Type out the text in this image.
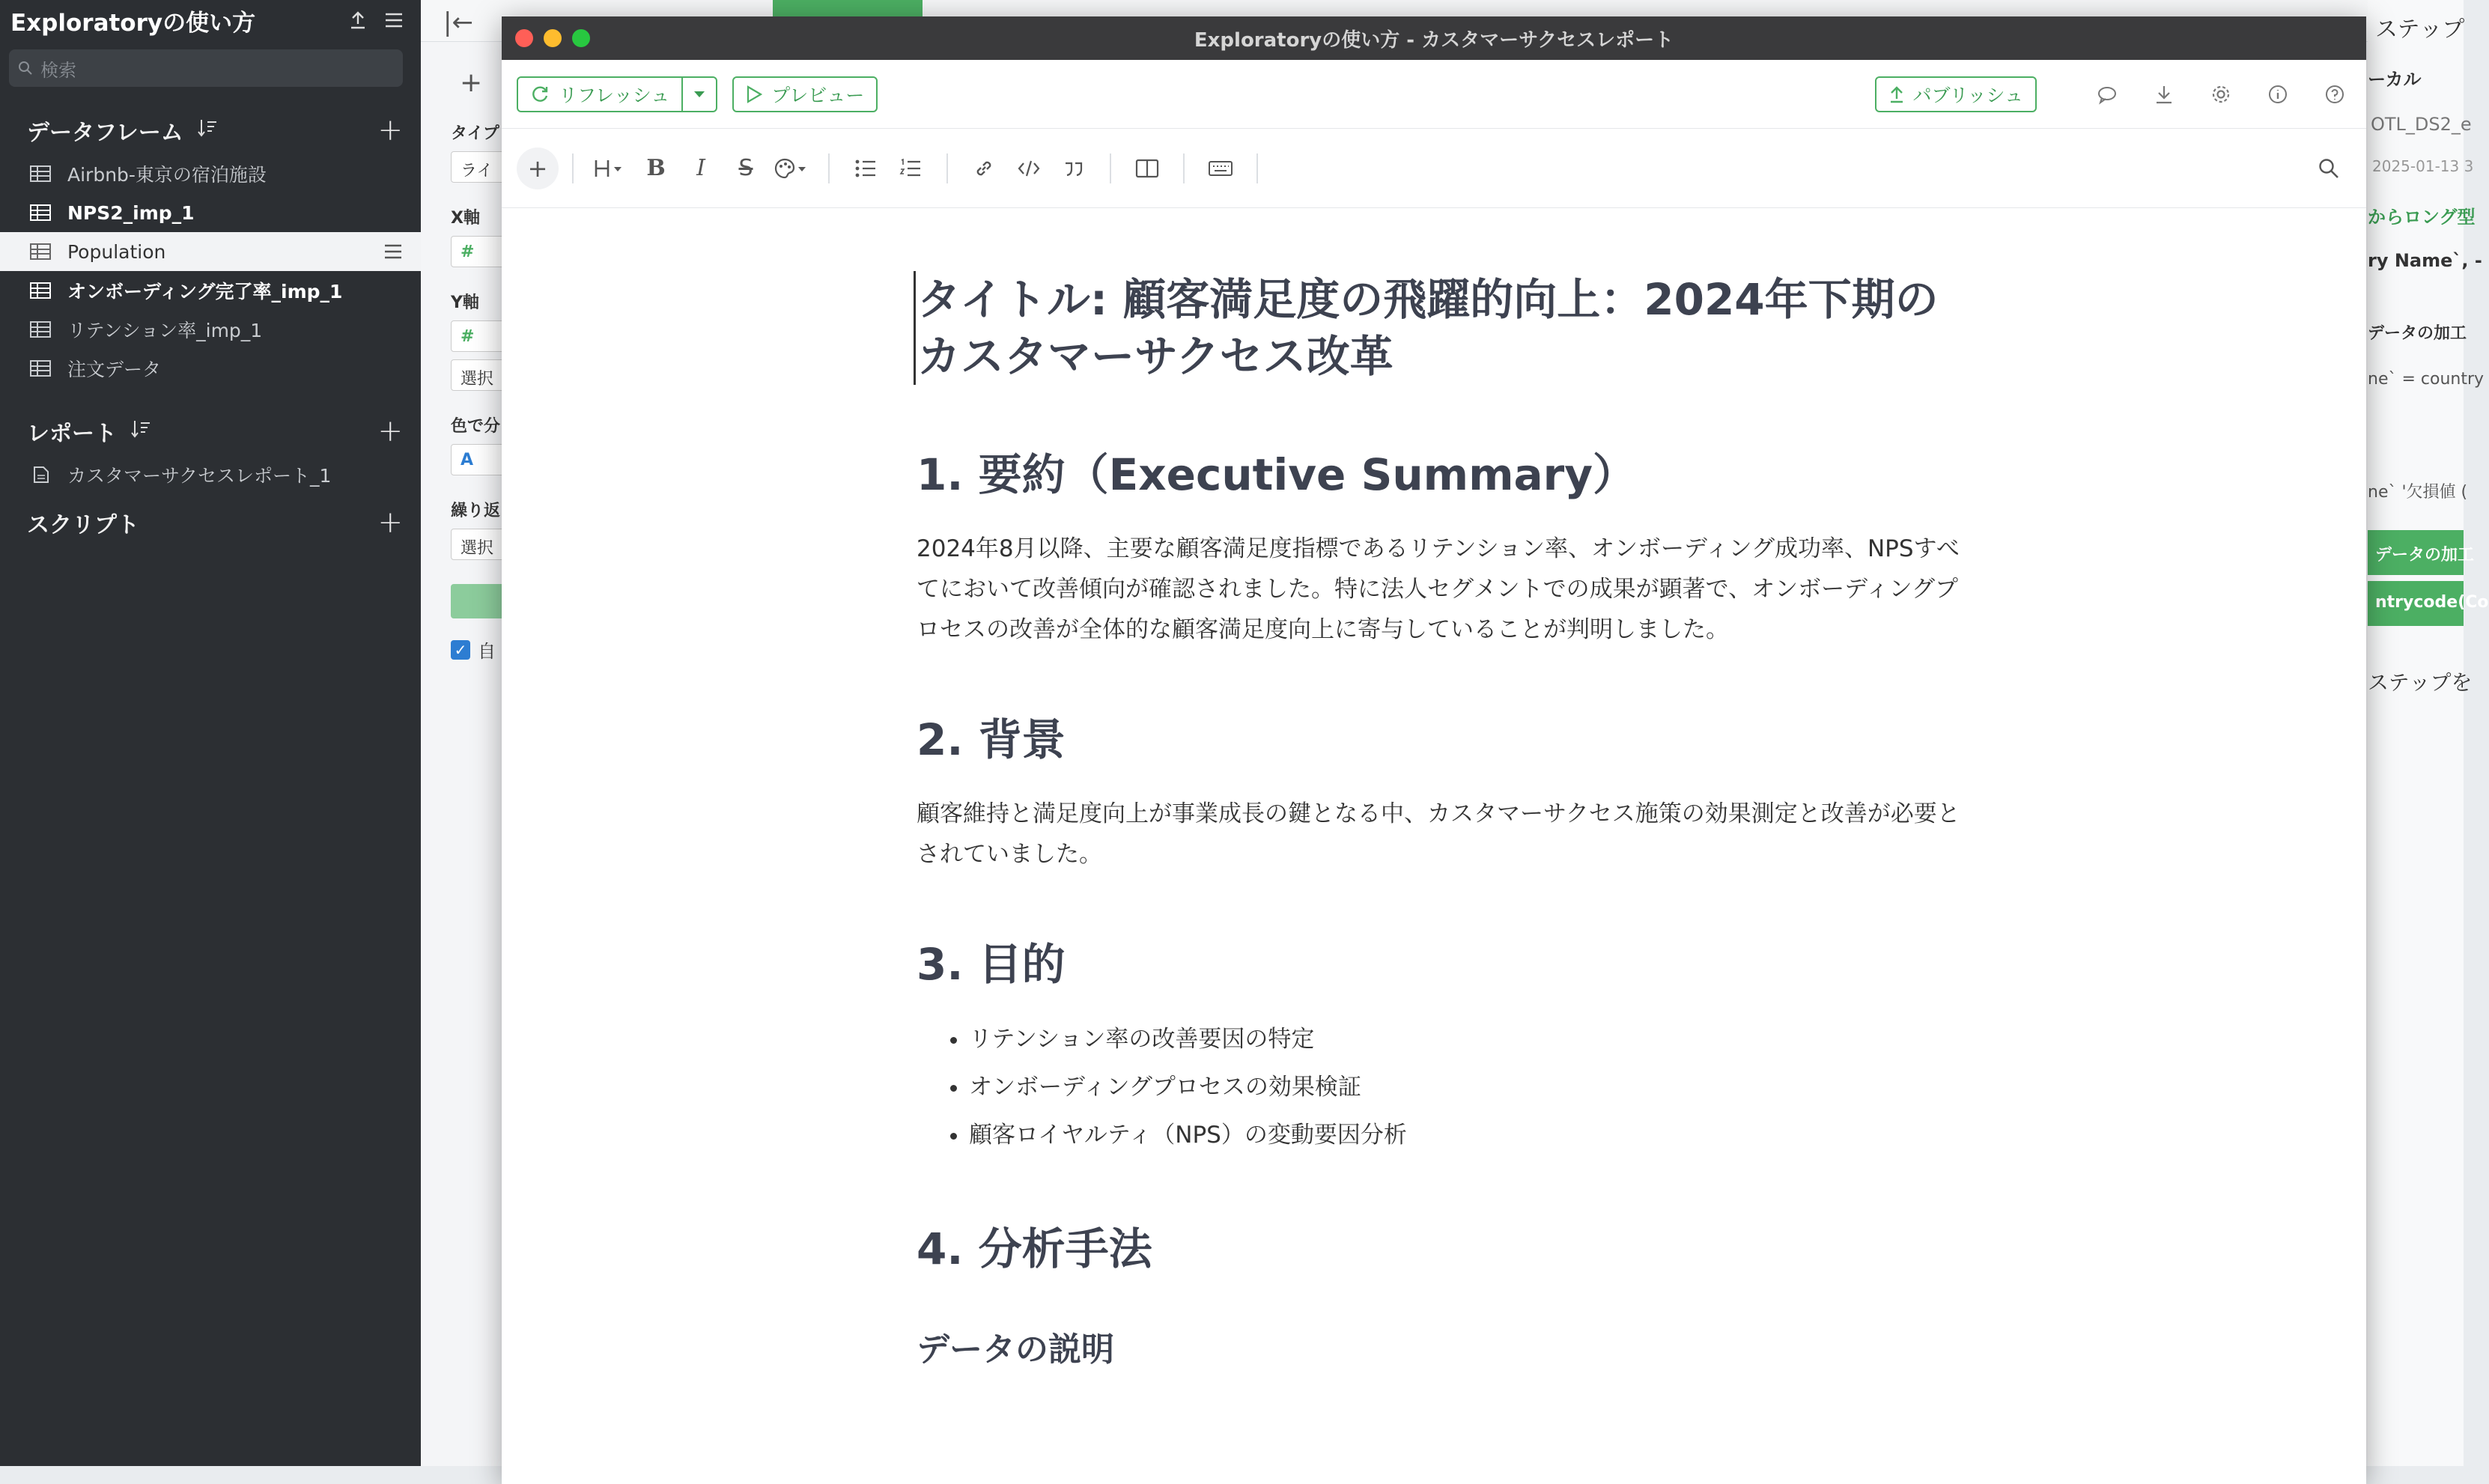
Exploratoryの使い方
検索
データフレーム	+
Airbnb-東京の宿泊施設
NPS2_imp_1
Population
オンボーディング完了率_imp_1
リテンション率_imp_1
注文データ
レポート	+
カスタマーサクセスレポート_1
スクリプト	+
|←
+
タイプ
ライ
X軸
#
Y軸
#
選択
色で分
A
繰り返
選択
✓ 自
ステップ
ーカル
OTL_DS2_e
2025-01-13 3
からロング型
ry Name`, -
データの加工
ne` = country
ne` '欠損値 (
データの加工
ntrycode(Co
ステップを
Exploratoryの使い方 - カスタマーサクセスレポート
リフレッシュ	プレビュー	パブリッシュ
+	B I S
タイトル: 顧客満足度の飛躍的向上：2024年下期のカスタマーサクセス改革
1. 要約（Executive Summary）

2024年8月以降、主要な顧客満足度指標であるリテンション率、オンボーディング成功率、NPSすべてにおいて改善傾向が確認されました。特に法人セグメントでの成果が顕著で、オンボーディングプロセスの改善が全体的な顧客満足度向上に寄与していることが判明しました。

2. 背景

顧客維持と満足度向上が事業成長の鍵となる中、カスタマーサクセス施策の効果測定と改善が必要とされていました。

3. 目的
• リテンション率の改善要因の特定
• オンボーディングプロセスの効果検証
• 顧客ロイヤルティ（NPS）の変動要因分析
4. 分析手法
データの説明
